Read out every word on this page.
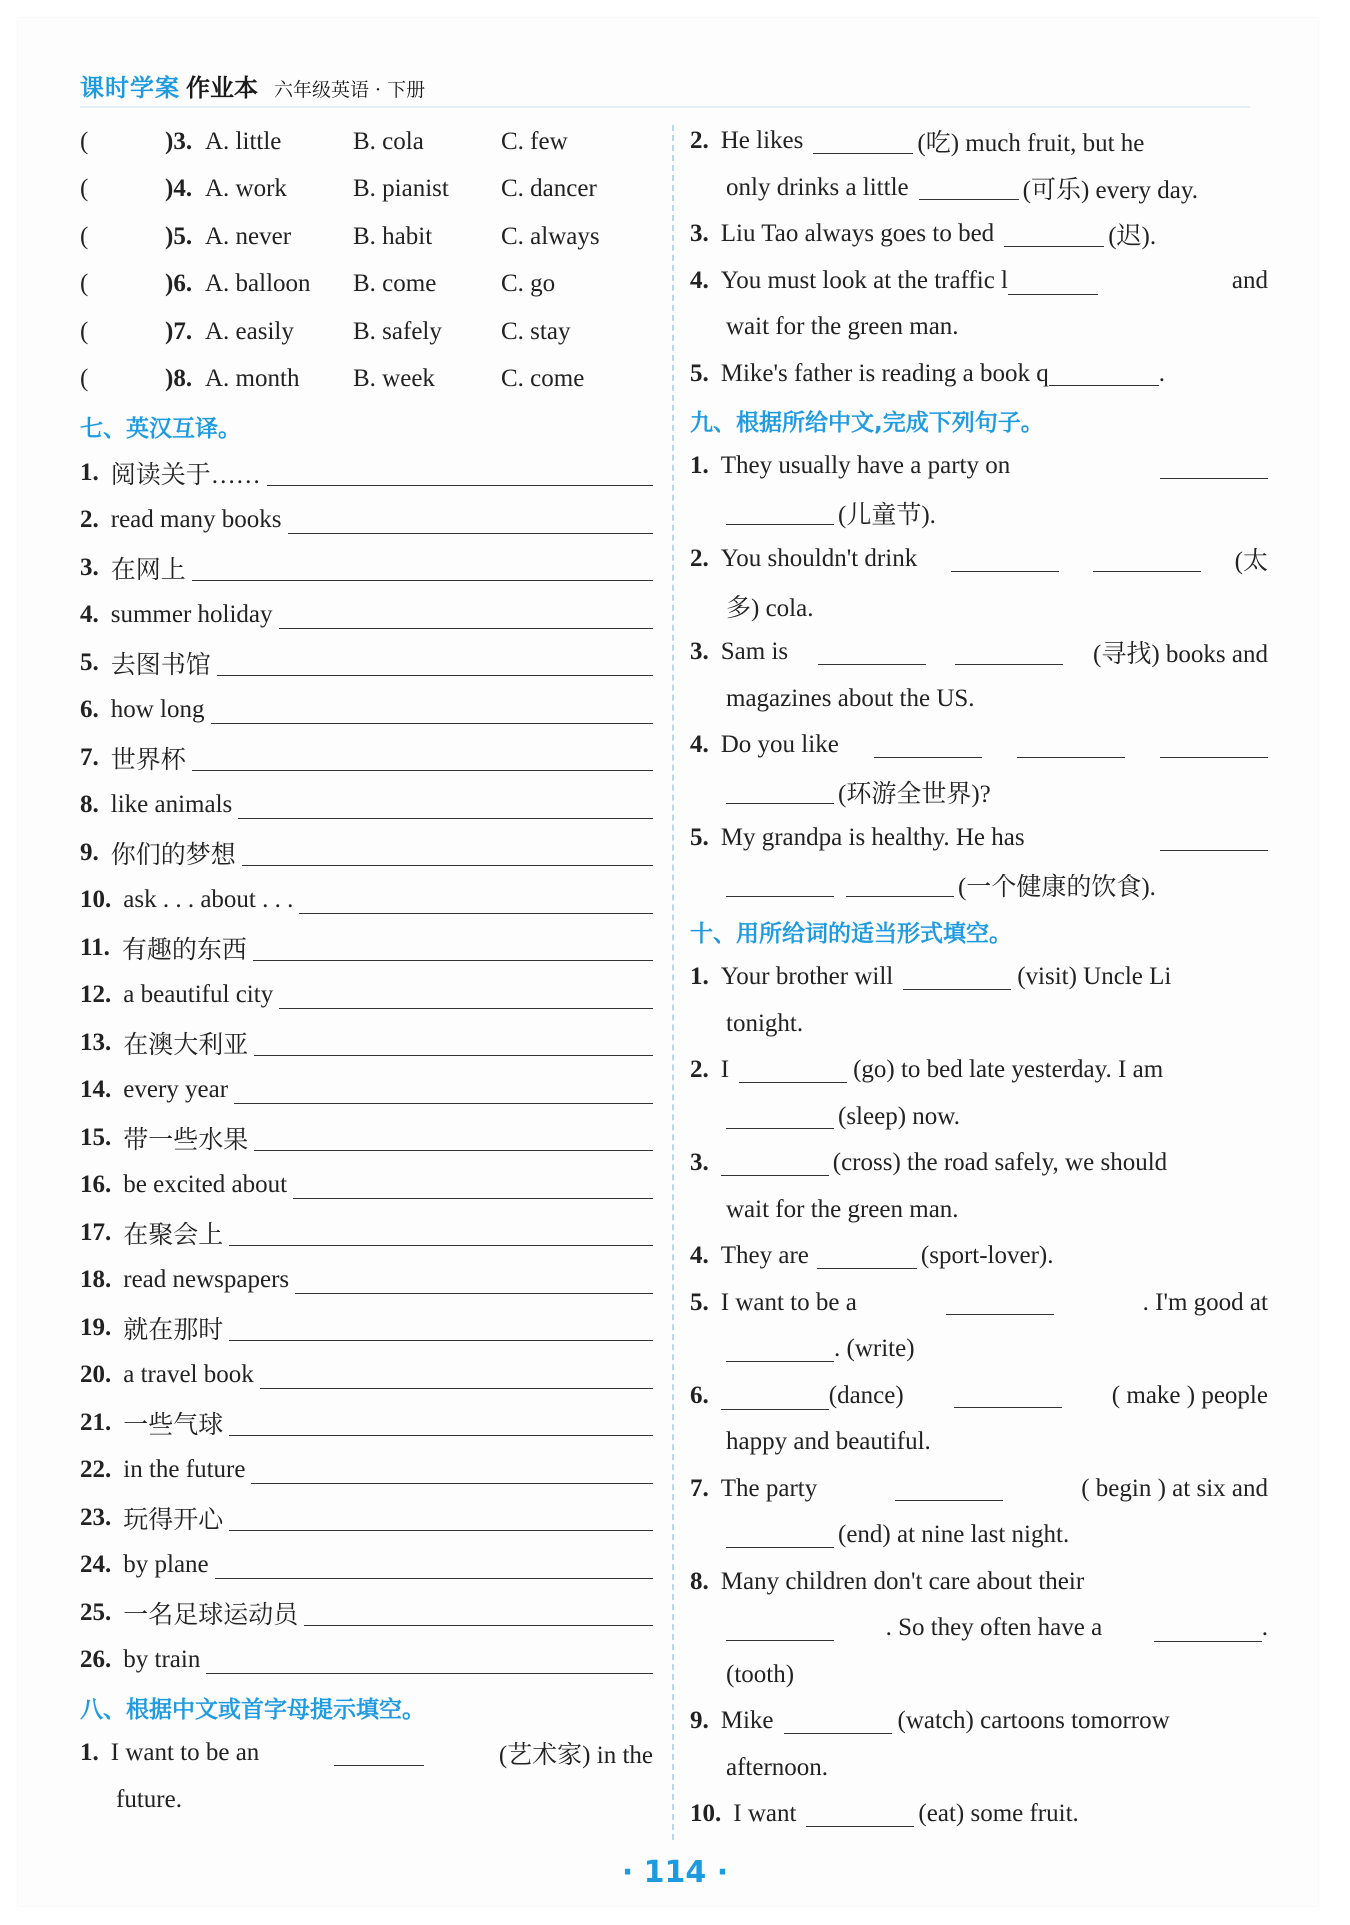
课时学案 作业本 六年级英语 · 下册
(	)3. A. little	B. cola	C. few
(	)4. A. work	B. pianist	C. dancer
(	)5. A. never	B. habit	C. always
(	)6. A. balloon	B. come	C. go
(	)7. A. easily	B. safely	C. stay
(	)8. A. month	B. week	C. come
七、英汉互译。
1. 阅读关于……
2. read many books
3. 在网上
4. summer holiday
5. 去图书馆
6. how long
7. 世界杯
8. like animals
9. 你们的梦想
10. ask . . . about . . .
11. 有趣的东西
12. a beautiful city
13. 在澳大利亚
14. every year
15. 带一些水果
16. be excited about
17. 在聚会上
18. read newspapers
19. 就在那时
20. a travel book
21. 一些气球
22. in the future
23. 玩得开心
24. by plane
25. 一名足球运动员
26. by train
八、根据中文或首字母提示填空。
1. I want to be an	(艺术家) in the
future.
2. He likes	(吃) much fruit, but he
only drinks a little	(可乐) every day.
3. Liu Tao always goes to bed	(迟).
4. You must look at the traffic l	and
wait for the green man.
5. Mike's father is reading a book q	.
九、根据所给中文,完成下列句子。
1. They usually have a party on
(儿童节).
2. You shouldn't drink	(太
多) cola.
3. Sam is	(寻找) books and
magazines about the US.
4. Do you like
(环游全世界)?
5. My grandpa is healthy. He has
(一个健康的饮食).
十、用所给词的适当形式填空。
1. Your brother will	(visit) Uncle Li
tonight.
2. I	(go) to bed late yesterday. I am
(sleep) now.
3.	(cross) the road safely, we should
wait for the green man.
4. They are	(sport-lover).
5. I want to be a	. I'm good at
. (write)
6.	(dance)	( make ) people
happy and beautiful.
7. The party	( begin ) at six and
(end) at nine last night.
8. Many children don't care about their
. So they often have a	.
(tooth)
9. Mike	(watch) cartoons tomorrow
afternoon.
10. I want	(eat) some fruit.
· 114 ·
